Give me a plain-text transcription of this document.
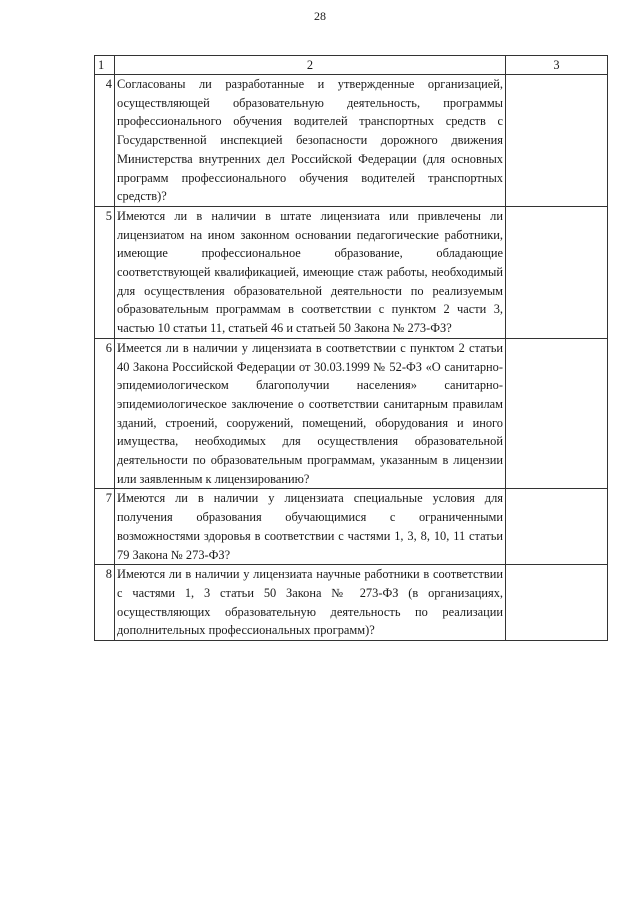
28
1	2	3
4	Согласованы ли разработанные и утвержденные организацией, осуществляющей образовательную деятельность, программы профессионального обучения водителей транспортных средств с Государственной инспекцией безопасности дорожного движения Министерства внутренних дел Российской Федерации (для основных программ профессионального обучения водителей транспортных средств)?	
5	Имеются ли в наличии в штате лицензиата или привлечены ли лицензиатом на ином законном основании педагогические работники, имеющие профессиональное образование, обладающие соответствующей квалификацией, имеющие стаж работы, необходимый для осуществления образовательной деятельности по реализуемым образовательным программам в соответствии с пунктом 2 части 3, частью 10 статьи 11, статьей 46 и статьей 50 Закона № 273-ФЗ?	
6	Имеется ли в наличии у лицензиата в соответствии с пунктом 2 статьи 40 Закона Российской Федерации от 30.03.1999 № 52-ФЗ «О санитарно-эпидемиологическом благополучии населения» санитарно-эпидемиологическое заключение о соответствии санитарным правилам зданий, строений, сооружений, помещений, оборудования и иного имущества, необходимых для осуществления образовательной деятельности по образовательным программам, указанным в лицензии или заявленным к лицензированию?	
7	Имеются ли в наличии у лицензиата специальные условия для получения образования обучающимися с ограниченными возможностями здоровья в соответствии с частями 1, 3, 8, 10, 11 статьи 79 Закона № 273-ФЗ?	
8	Имеются ли в наличии у лицензиата научные работники в соответствии с частями 1, 3 статьи 50 Закона № 273-ФЗ (в организациях, осуществляющих образовательную деятельность по реализации дополнительных профессиональных программ)?	
